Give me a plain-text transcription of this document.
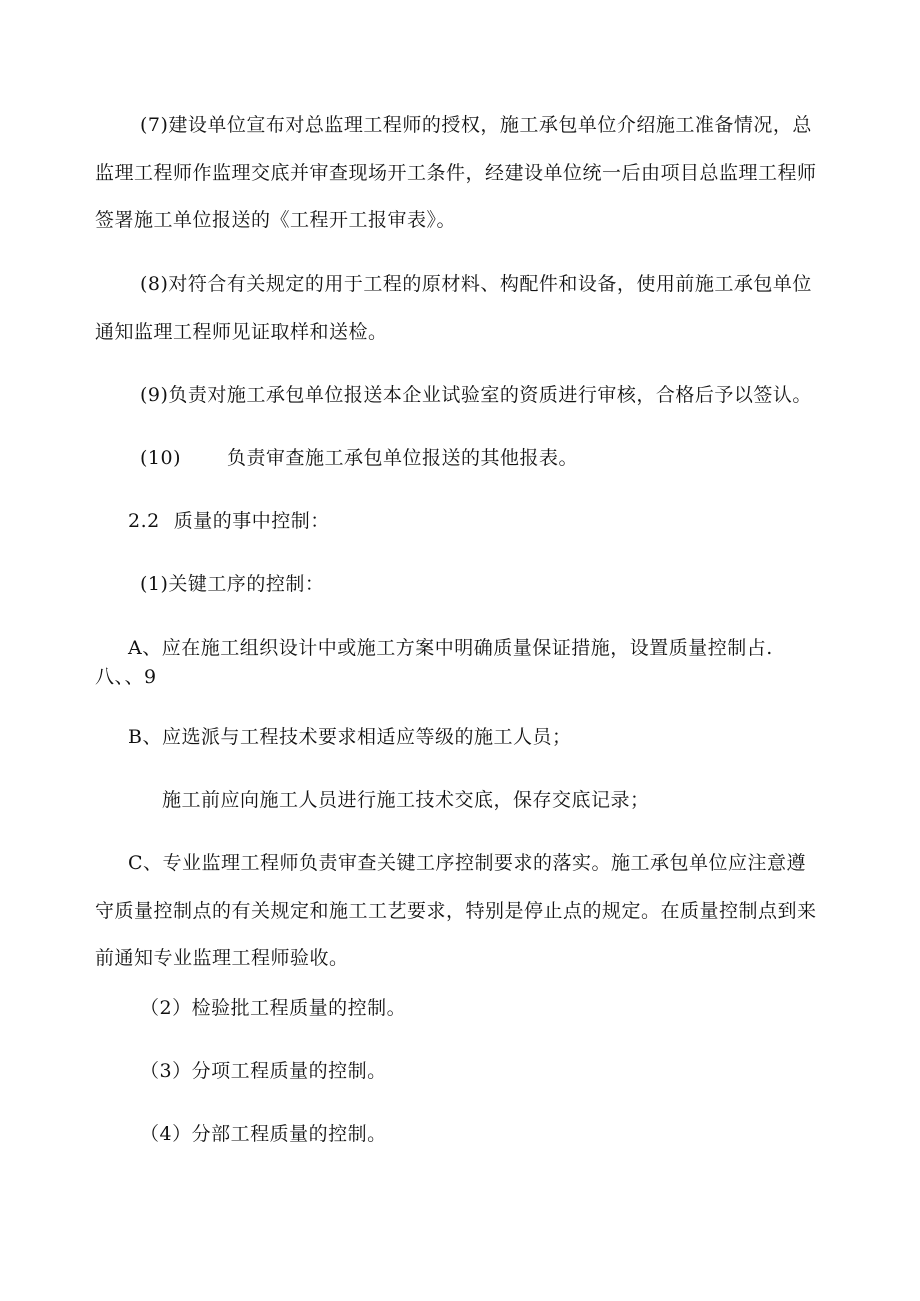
(7)建设单位宣布对总监理工程师的授权，施工承包单位介绍施工准备情况，总
监理工程师作监理交底并审查现场开工条件，经建设单位统一后由项目总监理工程师
签署施工单位报送的《工程开工报审表》。
(8)对符合有关规定的用于工程的原材料、构配件和设备，使用前施工承包单位
通知监理工程师见证取样和送检。
(9)负责对施工承包单位报送本企业试验室的资质进行审核，合格后予以签认。
(10) 负责审查施工承包单位报送的其他报表。
2.2 质量的事中控制：
(1)关键工序的控制：
A、应在施工组织设计中或施工方案中明确质量保证措施，设置质量控制占.
八、、9
B、应选派与工程技术要求相适应等级的施工人员；
施工前应向施工人员进行施工技术交底，保存交底记录；
C、专业监理工程师负责审查关键工序控制要求的落实。施工承包单位应注意遵
守质量控制点的有关规定和施工工艺要求，特别是停止点的规定。在质量控制点到来
前通知专业监理工程师验收。
（2）检验批工程质量的控制。
（3）分项工程质量的控制。
（4）分部工程质量的控制。
